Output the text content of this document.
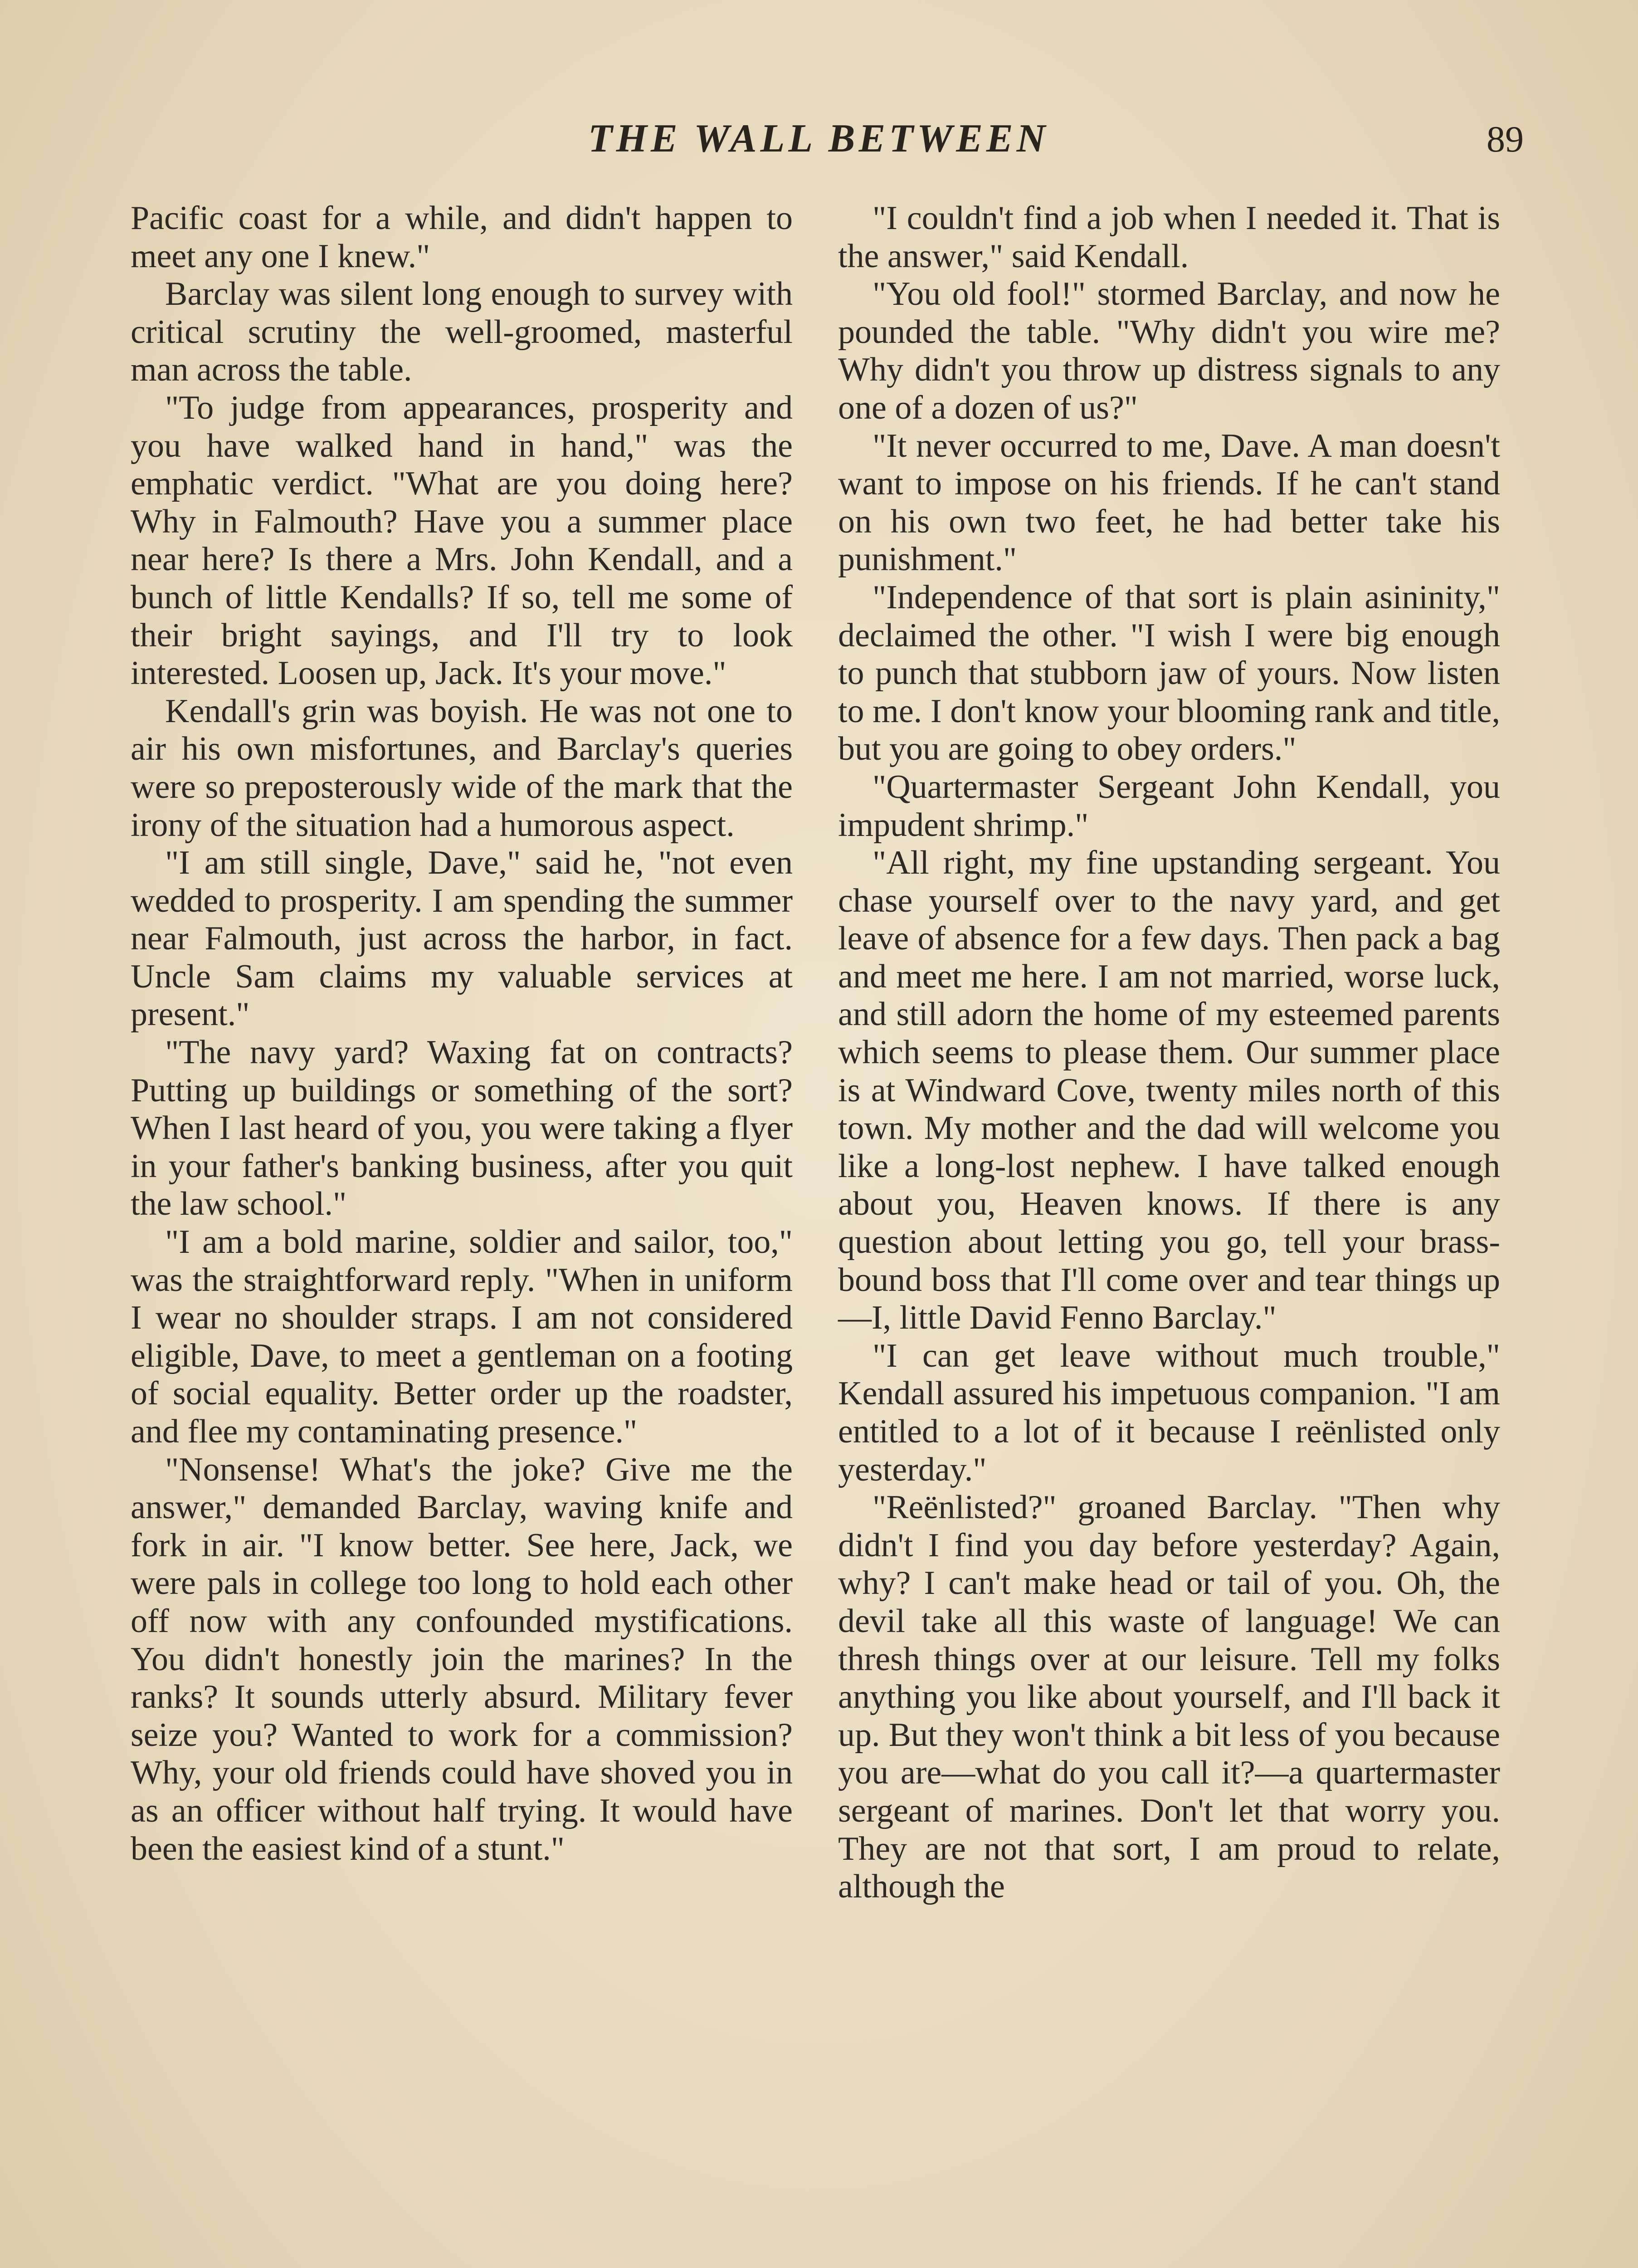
THE WALL BETWEEN	89

Pacific coast for a while, and didn't happen to meet any one I knew."

Barclay was silent long enough to survey with critical scrutiny the well-groomed, masterful man across the table.

"To judge from appearances, prosperity and you have walked hand in hand," was the emphatic verdict. "What are you doing here? Why in Falmouth? Have you a summer place near here? Is there a Mrs. John Kendall, and a bunch of little Kendalls? If so, tell me some of their bright sayings, and I'll try to look interested. Loosen up, Jack. It's your move."

Kendall's grin was boyish. He was not one to air his own misfortunes, and Barclay's queries were so preposterously wide of the mark that the irony of the situation had a humorous aspect.

"I am still single, Dave," said he, "not even wedded to prosperity. I am spending the summer near Falmouth, just across the harbor, in fact. Uncle Sam claims my valuable services at present."

"The navy yard? Waxing fat on contracts? Putting up buildings or something of the sort? When I last heard of you, you were taking a flyer in your father's banking business, after you quit the law school."

"I am a bold marine, soldier and sailor, too," was the straightforward reply. "When in uniform I wear no shoulder straps. I am not considered eligible, Dave, to meet a gentleman on a footing of social equality. Better order up the roadster, and flee my contaminating presence."

"Nonsense! What's the joke? Give me the answer," demanded Barclay, waving knife and fork in air. "I know better. See here, Jack, we were pals in college too long to hold each other off now with any confounded mystifications. You didn't honestly join the marines? In the ranks? It sounds utterly absurd. Military fever seize you? Wanted to work for a commission? Why, your old friends could have shoved you in as an officer without half trying. It would have been the easiest kind of a stunt."

"I couldn't find a job when I needed it. That is the answer," said Kendall.

"You old fool!" stormed Barclay, and now he pounded the table. "Why didn't you wire me? Why didn't you throw up distress signals to any one of a dozen of us?"

"It never occurred to me, Dave. A man doesn't want to impose on his friends. If he can't stand on his own two feet, he had better take his punishment."

"Independence of that sort is plain asininity," declaimed the other. "I wish I were big enough to punch that stubborn jaw of yours. Now listen to me. I don't know your blooming rank and title, but you are going to obey orders."

"Quartermaster Sergeant John Kendall, you impudent shrimp."

"All right, my fine upstanding sergeant. You chase yourself over to the navy yard, and get leave of absence for a few days. Then pack a bag and meet me here. I am not married, worse luck, and still adorn the home of my esteemed parents which seems to please them. Our summer place is at Windward Cove, twenty miles north of this town. My mother and the dad will welcome you like a long-lost nephew. I have talked enough about you, Heaven knows. If there is any question about letting you go, tell your brass-bound boss that I'll come over and tear things up—I, little David Fenno Barclay."

"I can get leave without much trouble," Kendall assured his impetuous companion. "I am entitled to a lot of it because I reënlisted only yesterday."

"Reënlisted?" groaned Barclay. "Then why didn't I find you day before yesterday? Again, why? I can't make head or tail of you. Oh, the devil take all this waste of language! We can thresh things over at our leisure. Tell my folks anything you like about yourself, and I'll back it up. But they won't think a bit less of you because you are—what do you call it?—a quartermaster sergeant of marines. Don't let that worry you. They are not that sort, I am proud to relate, although the
